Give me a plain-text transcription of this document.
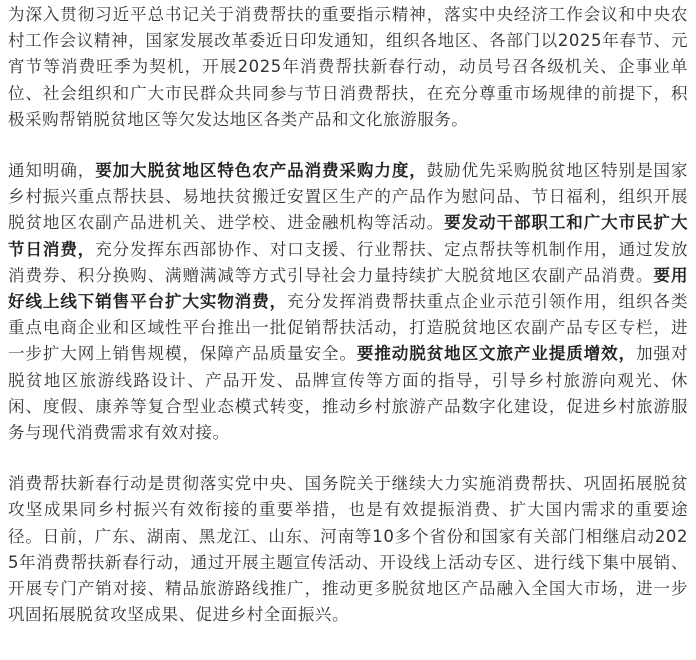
为深入贯彻习近平总书记关于消费帮扶的重要指示精神，落实中央经济工作会议和中央农村工作会议精神，国家发展改革委近日印发通知，组织各地区、各部门以2025年春节、元宵节等消费旺季为契机，开展2025年消费帮扶新春行动，动员号召各级机关、企事业单位、社会组织和广大市民群众共同参与节日消费帮扶，在充分尊重市场规律的前提下，积极采购帮销脱贫地区等欠发达地区各类产品和文化旅游服务。

通知明确，要加大脱贫地区特色农产品消费采购力度，鼓励优先采购脱贫地区特别是国家乡村振兴重点帮扶县、易地扶贫搬迁安置区生产的产品作为慰问品、节日福利，组织开展脱贫地区农副产品进机关、进学校、进金融机构等活动。要发动干部职工和广大市民扩大节日消费，充分发挥东西部协作、对口支援、行业帮扶、定点帮扶等机制作用，通过发放消费券、积分换购、满赠满减等方式引导社会力量持续扩大脱贫地区农副产品消费。要用好线上线下销售平台扩大实物消费，充分发挥消费帮扶重点企业示范引领作用，组织各类重点电商企业和区域性平台推出一批促销帮扶活动，打造脱贫地区农副产品专区专栏，进一步扩大网上销售规模，保障产品质量安全。要推动脱贫地区文旅产业提质增效，加强对脱贫地区旅游线路设计、产品开发、品牌宣传等方面的指导，引导乡村旅游向观光、休闲、度假、康养等复合型业态模式转变，推动乡村旅游产品数字化建设，促进乡村旅游服务与现代消费需求有效对接。

消费帮扶新春行动是贯彻落实党中央、国务院关于继续大力实施消费帮扶、巩固拓展脱贫攻坚成果同乡村振兴有效衔接的重要举措，也是有效提振消费、扩大国内需求的重要途径。日前，广东、湖南、黑龙江、山东、河南等10多个省份和国家有关部门相继启动2025年消费帮扶新春行动，通过开展主题宣传活动、开设线上活动专区、进行线下集中展销、开展专门产销对接、精品旅游路线推广，推动更多脱贫地区产品融入全国大市场，进一步巩固拓展脱贫攻坚成果、促进乡村全面振兴。
